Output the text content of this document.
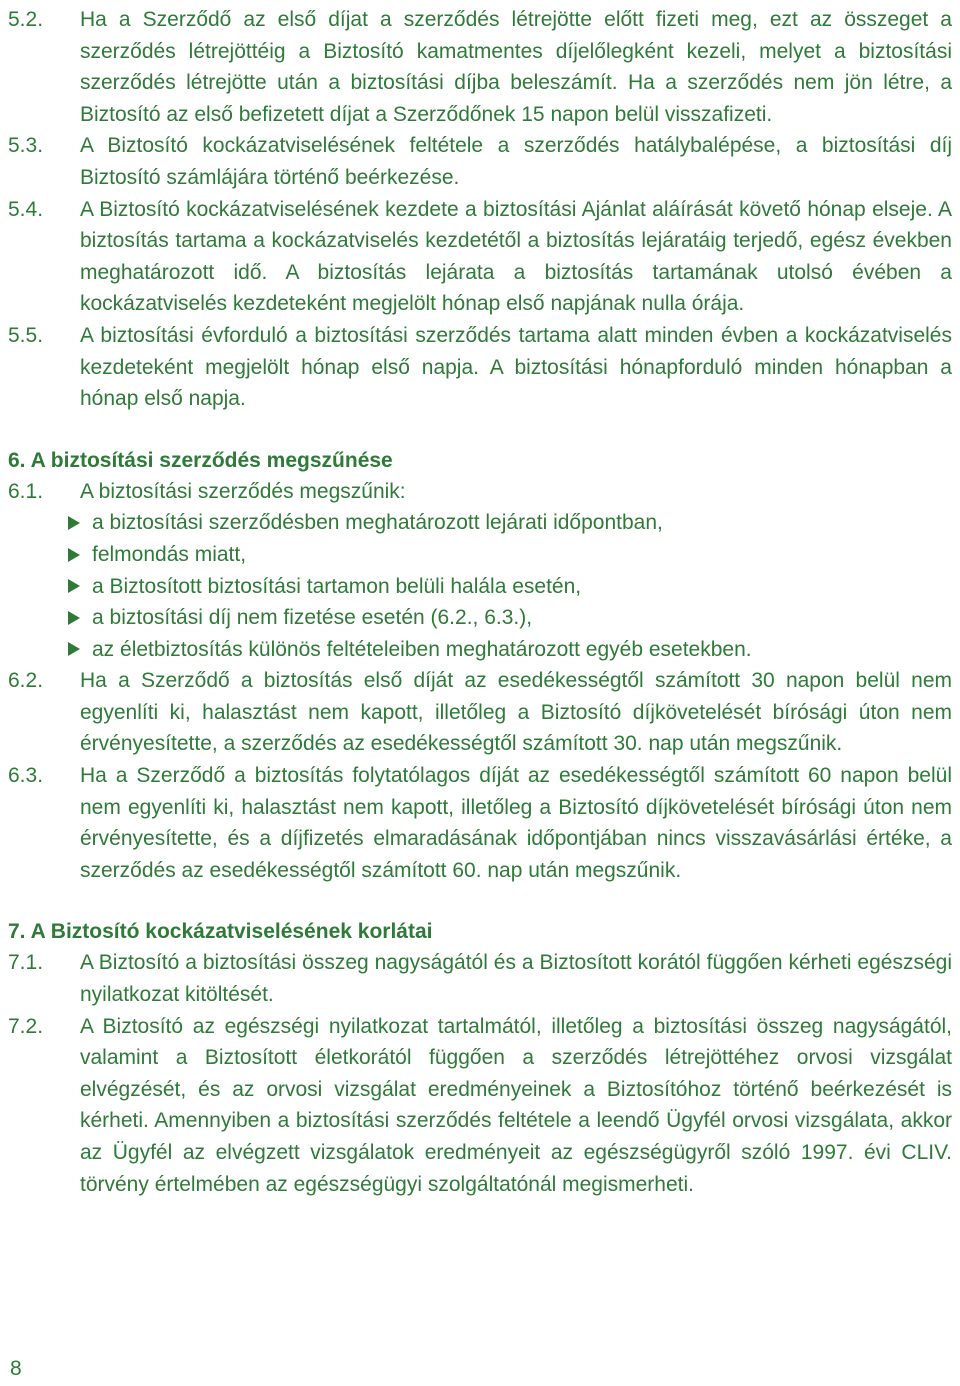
5.2.	Ha a Szerződő az első díjat a szerződés létrejötte előtt fizeti meg, ezt az összeget a szerződés létrejöttéig a Biztosító kamatmentes díjelőlegként kezeli, melyet a biztosítási szerződés létrejötte után a biztosítási díjba beleszámít. Ha a szerződés nem jön létre, a Biztosító az első befizetett díjat a Szerződőnek 15 napon belül visszafizeti.
5.3.	A Biztosító kockázatviselésének feltétele a szerződés hatálybalépése, a biztosítási díj Biztosító számlájára történő beérkezése.
5.4.	A Biztosító kockázatviselésének kezdete a biztosítási Ajánlat aláírását követő hónap elseje. A biztosítás tartama a kockázatviselés kezdetétől a biztosítás lejáratáig terjedő, egész években meghatározott idő. A biztosítás lejárata a biztosítás tartamának utolsó évében a kockázatviselés kezdeteként megjelölt hónap első napjának nulla órája.
5.5.	A biztosítási évforduló a biztosítási szerződés tartama alatt minden évben a kockázatviselés kezdeteként megjelölt hónap első napja. A biztosítási hónapforduló minden hónapban a hónap első napja.
6. A biztosítási szerződés megszűnése
6.1.	A biztosítási szerződés megszűnik:
a biztosítási szerződésben meghatározott lejárati időpontban,
felmondás miatt,
a Biztosított biztosítási tartamon belüli halála esetén,
a biztosítási díj nem fizetése esetén (6.2., 6.3.),
az életbiztosítás különös feltételeiben meghatározott egyéb esetekben.
6.2.	Ha a Szerződő a biztosítás első díját az esedékességtől számított 30 napon belül nem egyenlíti ki, halasztást nem kapott, illetőleg a Biztosító díjkövetelését bírósági úton nem érvényesítette, a szerződés az esedékességtől számított 30. nap után megszűnik.
6.3.	Ha a Szerződő a biztosítás folytatólagos díját az esedékességtől számított 60 napon belül nem egyenlíti ki, halasztást nem kapott, illetőleg a Biztosító díjkövetelését bírósági úton nem érvényesítette, és a díjfizetés elmaradásának időpontjában nincs visszavásárlási értéke, a szerződés az esedékességtől számított 60. nap után megszűnik.
7. A Biztosító kockázatviselésének korlátai
7.1.	A Biztosító a biztosítási összeg nagyságától és a Biztosított korától függően kérheti egészségi nyilatkozat kitöltését.
7.2.	A Biztosító az egészségi nyilatkozat tartalmától, illetőleg a biztosítási összeg nagyságától, valamint a Biztosított életkorától függően a szerződés létrejöttéhez orvosi vizsgálat elvégzését, és az orvosi vizsgálat eredményeinek a Biztosítóhoz történő beérkezését is kérheti. Amennyiben a biztosítási szerződés feltétele a leendő Ügyfél orvosi vizsgálata, akkor az Ügyfél az elvégzett vizsgálatok eredményeit az egészségügyről szóló 1997. évi CLIV. törvény értelmében az egészségügyi szolgáltatónál megismerheti.
8
